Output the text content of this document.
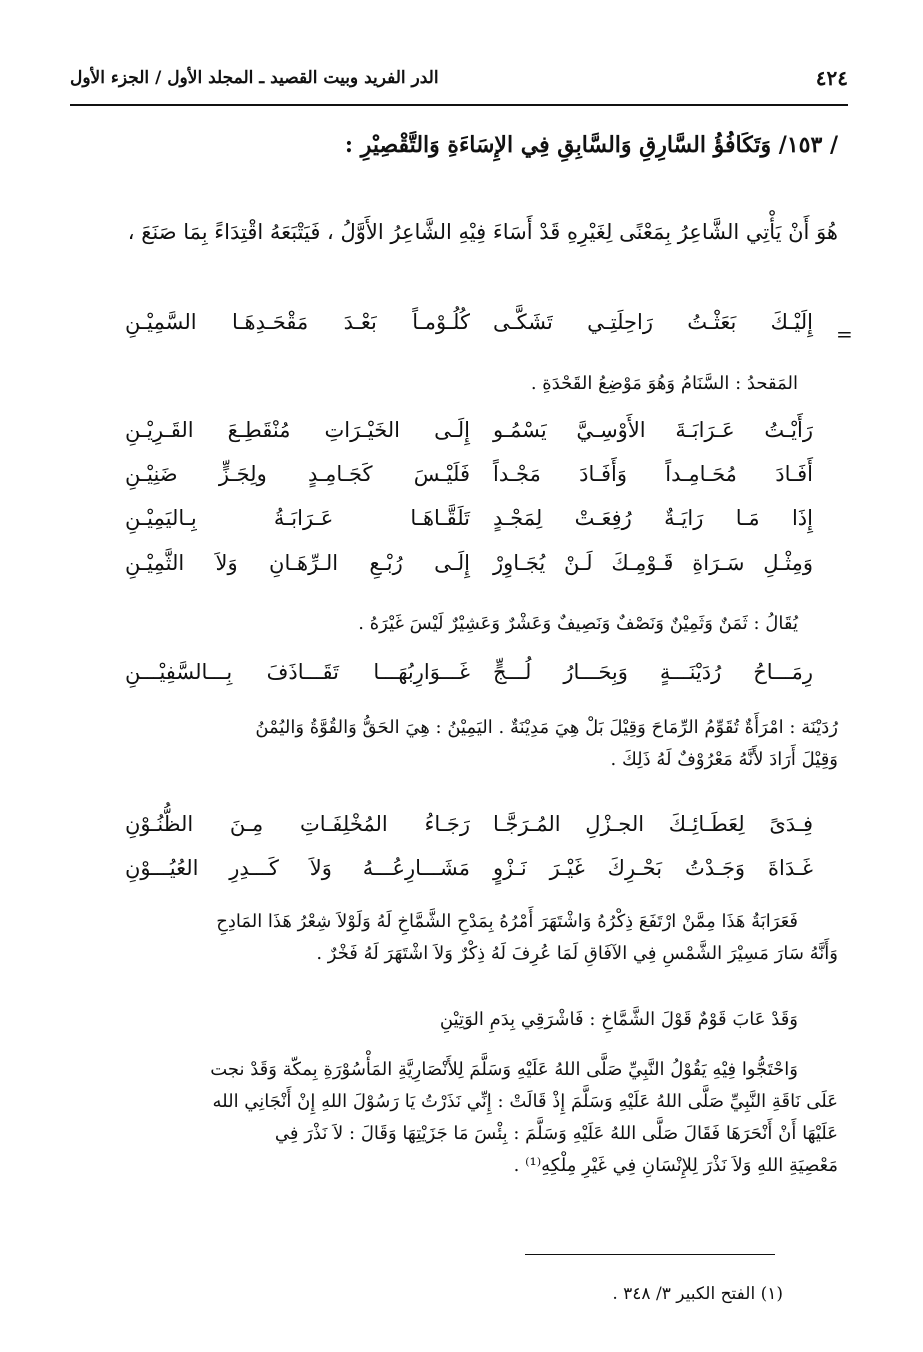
٤٢٤
الدر الفريد وبيت القصيد ـ المجلد الأول / الجزء الأول
/ ١٥٣/ وَتَكَافُؤُ السَّارِقِ وَالسَّابِقِ فِي الإِسَاءَةِ وَالتَّقْصِيْرِ :
هُوَ أَنْ يَأْتِي الشَّاعِرُ بِمَعْنًى لِغَيْرِهِ قَدْ أَسَاءَ فِيْهِ الشَّاعِرُ الأَوَّلُ ، فَيَتْبَعَهُ اقْتِدَاءً بِمَا صَنَعَ ،
=
إِلَيْـكَ بَعَثْـتُ رَاحِلَتِـي تَشَكَّـى
كُلُـوْمـاً بَعْـدَ مَقْحَـدِهَـا السَّمِيْـنِ

المَقحدُ : السَّنَامُ وَهُوَ مَوْضِعُ القَحْدَةِ .

رَأَيْـتُ عَـرَابَـةَ الأَوْسِـيَّ يَسْمُـو
إِلَـى الخَيْـرَاتِ مُنْقَطِـعَ القَـرِيْـنِ
أَفَـادَ مُحَـامِـداً وَأَفَـادَ مَجْـداً
فَلَيْـسَ كَجَـامِـدٍ ولِجَـزٍّ ضَنِيْـنِ
إِذَا مَـا رَايَـةٌ رُفِعَـتْ لِمَجْـدٍ
تَلَقَّـاهَـا عَـرَابَـةُ بِـاليَمِيْـنِ
وَمِثْـلِ سَـرَاةِ قَـوْمِـكَ لَـنْ يُجَـاوِرْ
إِلَـى رُبْـعِ الـرِّهَـانِ وَلاَ الثَّمِيْـنِ

يُقَالُ : ثَمَنٌ وَثَمِيْنٌ وَنَصْفٌ وَنَصِيفٌ وَعَشْرٌ وَعَشِيْرٌ لَيْسَ غَيْرَهُ .

رِمَـــاحُ رُدَيْنَـــةٍ وَبِحَـــارُ لُـــجٍّ
غَـــوَارِبُهَـــا تَقَـــاذَفَ بِـــالسَّفِيْـــنِ

رُدَيْنَة : امْرَأَةٌ تُقَوِّمُ الرِّمَاحَ وَقِيْلَ بَلْ هِيَ مَدِيْنَةٌ . اليَمِيْنُ : هِيَ الحَقُّ وَالقُوَّةُ وَاليُمْنُ

وَقِيْلَ أَرَادَ لأَنَّهُ مَعْرُوْفٌ لَهُ ذَلِكَ .

فِـدَىً لِعَطَـائِـكَ الجـزْلِ المُـرَجَّـا
رَجَـاءُ المُخْلِفَـاتِ مِـنَ الظُّنُـوْنِ
غَـدَاةَ وَجَـدْتُ بَحْـرِكَ غَيْـرَ نَـزْوٍ
مَشَـــارِعُـــهُ وَلاَ كَـــدِرِ العُيُـــوْنِ

فَعَرَابَةُ هَذَا مِمَّنْ ارْتَفَعَ ذِكْرُهُ وَاشْتَهَرَ أَمْرُهُ بِمَدْحِ الشَّمَّاخِ لَهُ وَلَوْلاَ شِعْرُ هَذَا المَادِحِ

وَأَنَّهُ سَارَ مَسِيْرَ الشَّمْسِ فِي الآفَاقِ لَمَا عُرِفَ لَهُ ذِكْرٌ وَلاَ اشْتَهَرَ لَهُ فَخْرٌ .

وَقَدْ عَابَ قَوْمٌ قَوْلَ الشَّمَّاخِ : فَاشْرَقِي بِدَمِ الوَتِيْنِ

وَاحْتَجُّوا فِيْهِ يَقُوْلُ النَّبِيِّ صَلَّى اللهُ عَلَيْهِ وَسَلَّمَ لِلأَنْصَارِيَّةِ المَأْسُوْرَةِ بِمكّة وَقَدْ نجت

عَلَى نَاقَةِ النَّبِيِّ صَلَّى اللهُ عَلَيْهِ وَسَلَّمَ إِذْ قَالَتْ : إِنِّي نَذَرْتُ يَا رَسُوْلَ اللهِ إِنْ أَنْجَانِي الله

عَلَيْهَا أَنْ أَنْحَرَهَا فَقَالَ صَلَّى اللهُ عَلَيْهِ وَسَلَّمَ : بِئْسَ مَا جَزَيْتِهَا وَقَالَ : لاَ نَذْرَ فِي

مَعْصِيَةِ اللهِ وَلاَ نَذْرَ لِلإِنْسَانِ فِي غَيْرِ مِلْكِهِ⁽¹⁾ .

(١) الفتح الكبير ٣/ ٣٤٨ .
